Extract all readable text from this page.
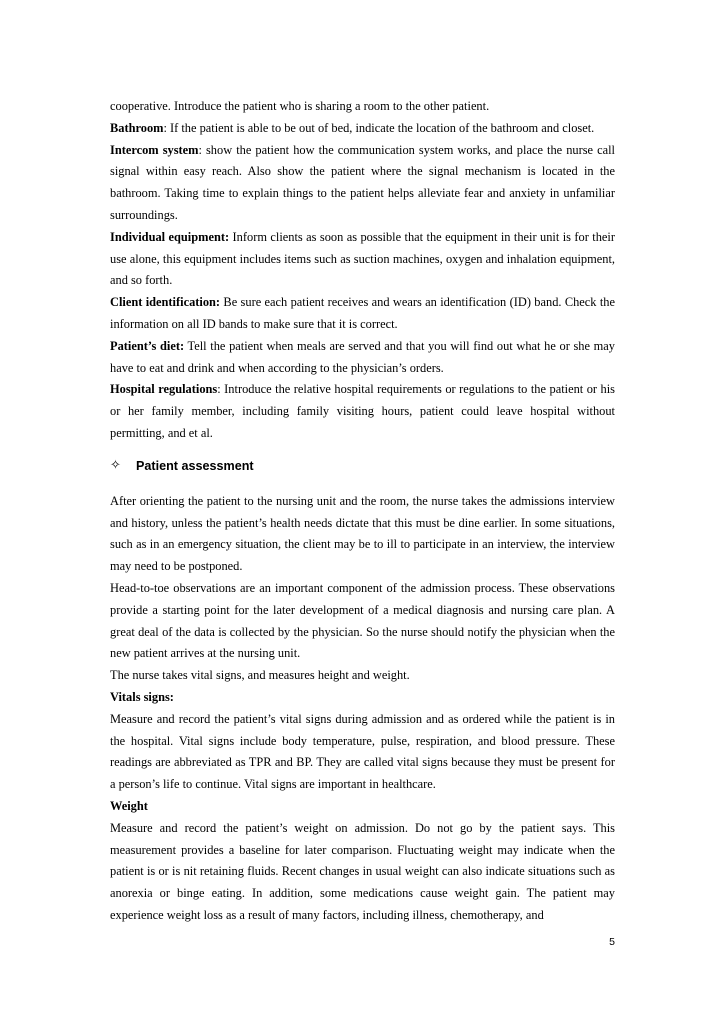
cooperative. Introduce the patient who is sharing a room to the other patient.

Bathroom: If the patient is able to be out of bed, indicate the location of the bathroom and closet.

Intercom system: show the patient how the communication system works, and place the nurse call signal within easy reach. Also show the patient where the signal mechanism is located in the bathroom. Taking time to explain things to the patient helps alleviate fear and anxiety in unfamiliar surroundings.

Individual equipment: Inform clients as soon as possible that the equipment in their unit is for their use alone, this equipment includes items such as suction machines, oxygen and inhalation equipment, and so forth.

Client identification: Be sure each patient receives and wears an identification (ID) band. Check the information on all ID bands to make sure that it is correct.

Patient’s diet: Tell the patient when meals are served and that you will find out what he or she may have to eat and drink and when according to the physician’s orders.

Hospital regulations: Introduce the relative hospital requirements or regulations to the patient or his or her family member, including family visiting hours, patient could leave hospital without permitting, and et al.

✧	Patient assessment

After orienting the patient to the nursing unit and the room, the nurse takes the admissions interview and history, unless the patient’s health needs dictate that this must be dine earlier. In some situations, such as in an emergency situation, the client may be to ill to participate in an interview, the interview may need to be postponed.

Head-to-toe observations are an important component of the admission process. These observations provide a starting point for the later development of a medical diagnosis and nursing care plan. A great deal of the data is collected by the physician. So the nurse should notify the physician when the new patient arrives at the nursing unit.

The nurse takes vital signs, and measures height and weight.

Vitals signs:

Measure and record the patient’s vital signs during admission and as ordered while the patient is in the hospital. Vital signs include body temperature, pulse, respiration, and blood pressure. These readings are abbreviated as TPR and BP. They are called vital signs because they must be present for a person’s life to continue. Vital signs are important in healthcare.

Weight

Measure and record the patient’s weight on admission. Do not go by the patient says. This measurement provides a baseline for later comparison. Fluctuating weight may indicate when the patient is or is nit retaining fluids. Recent changes in usual weight can also indicate situations such as anorexia or binge eating. In addition, some medications cause weight gain. The patient may experience weight loss as a result of many factors, including illness, chemotherapy, and

5
